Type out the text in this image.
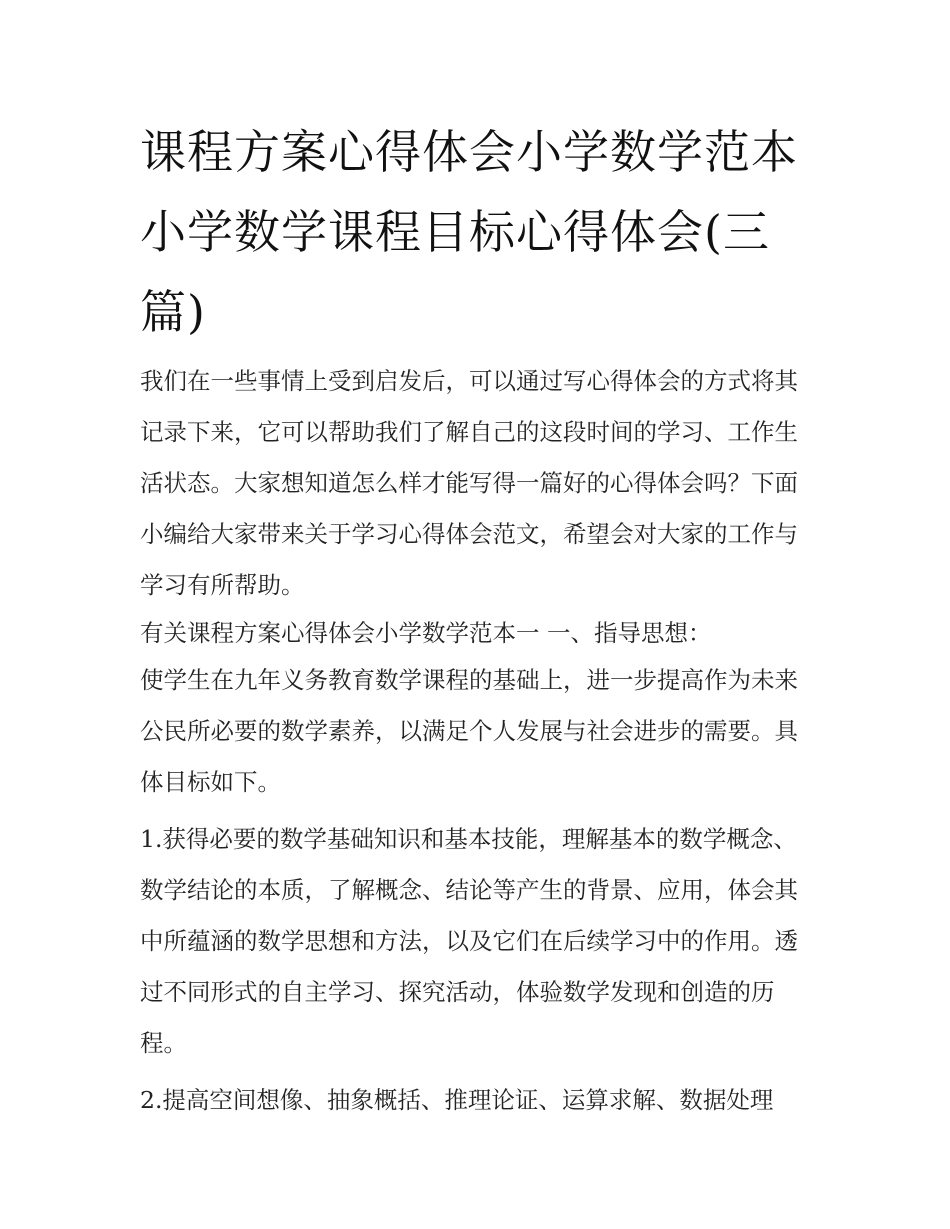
课程方案心得体会小学数学范本 小学数学课程目标心得体会(三篇)

我们在一些事情上受到启发后，可以通过写心得体会的方式将其记录下来，它可以帮助我们了解自己的这段时间的学习、工作生活状态。大家想知道怎么样才能写得一篇好的心得体会吗？下面小编给大家带来关于学习心得体会范文，希望会对大家的工作与学习有所帮助。

有关课程方案心得体会小学数学范本一 一、指导思想：

使学生在九年义务教育数学课程的基础上，进一步提高作为未来公民所必要的数学素养，以满足个人发展与社会进步的需要。具体目标如下。

1.获得必要的数学基础知识和基本技能，理解基本的数学概念、数学结论的本质，了解概念、结论等产生的背景、应用，体会其中所蕴涵的数学思想和方法，以及它们在后续学习中的作用。透过不同形式的自主学习、探究活动，体验数学发现和创造的历程。

2.提高空间想像、抽象概括、推理论证、运算求解、数据处理
